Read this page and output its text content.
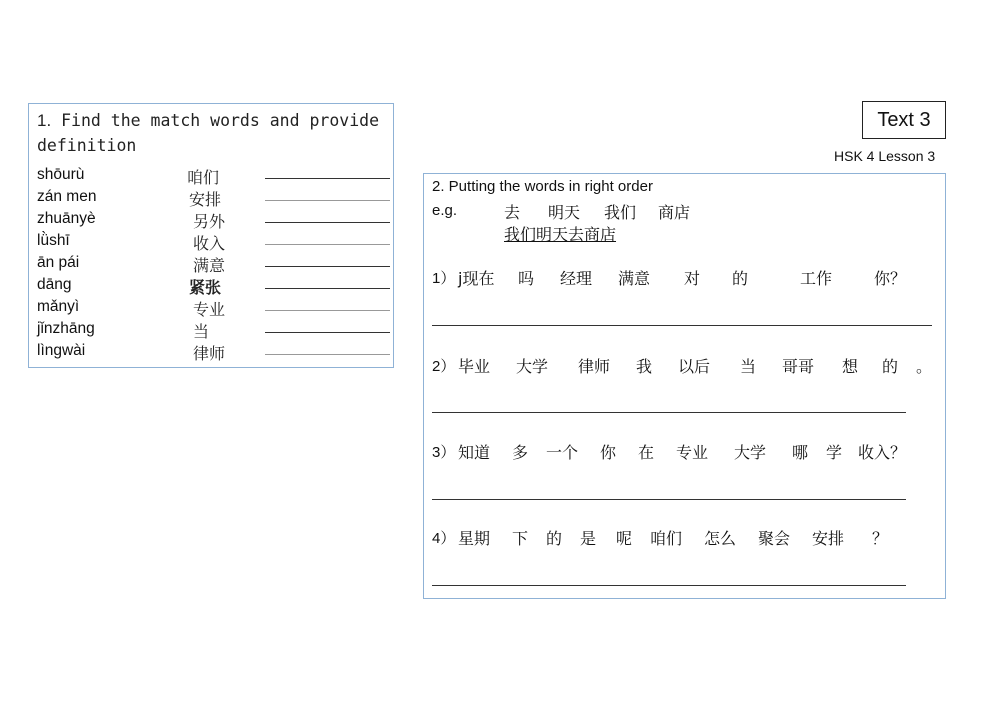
Text 3
HSK 4 Lesson 3
1. Find the match words and provide definition
shōurù	咱们
zán men	安排
zhuānyè	另外
lǜshī	收入
ān pái	满意
dāng	紧张
mǎnyì	专业
jǐnzhāng	当
lìngwài	律师
2. Putting the words in right order
e.g.	去 明天 我们 商店
我们明天去商店
1） j现在 吗 经理 满意 对 的	工作	你？
2） 毕业 大学 律师 我 以后 当 哥哥 想 的 。
3） 知道 多 一个 你 在 专业 大学 哪 学 收入？
4） 星期 下 的 是 呢 咱们 怎么 聚会 安排 ？
